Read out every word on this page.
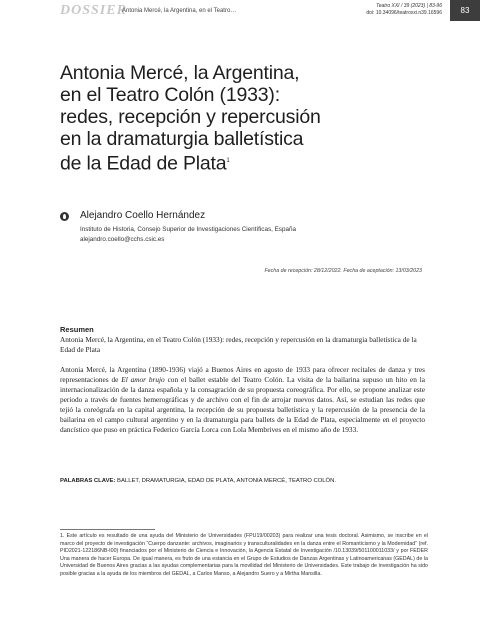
DOSSIER
Antonia Mercé, la Argentina, en el Teatro…
Teatro XXI / 39 (2023) | 83-96
doi: 10.34096/teatroxxi.n39.16596	83
Antonia Mercé, la Argentina,
en el Teatro Colón (1933):
redes, recepción y repercusión
en la dramaturgia balletística
de la Edad de Plata$^1$
Alejandro Coello Hernández
Instituto de Historia, Consejo Superior de Investigaciones Científicas, España
alejandro.coello@cchs.csic.es
Fecha de recepción: 28/12/2022. Fecha de aceptación: 13/03/2023
Resumen

Antonia Mercé, la Argentina, en el Teatro Colón (1933): redes, recepción y repercusión en la dramaturgia balletística de la Edad de Plata

Antonia Mercé, la Argentina (1890-1936) viajó a Buenos Aires en agosto de 1933 para ofrecer recitales de danza y tres representaciones de El amor brujo con el ballet estable del Teatro Colón. La visita de la bailarina supuso un hito en la internacionalización de la danza española y la consagración de su propuesta coreográfica. Por ello, se propone analizar este periodo a través de fuentes hemerográficas y de archivo con el fin de arrojar nuevos datos. Así, se estudian las redes que tejió la coreógrafa en la capital argentina, la recepción de su propuesta balletística y la repercusión de la presencia de la bailarina en el campo cultural argentino y en la dramaturgia para ballets de la Edad de Plata, especialmente en el proyecto dancístico que puso en práctica Federico García Lorca con Lola Membrives en el mismo año de 1933.

PALABRAS CLAVE: BALLET, DRAMATURGIA, EDAD DE PLATA, ANTONIA MERCÉ, TEATRO COLÓN.

1. Este artículo es resultado de una ayuda del Ministerio de Universidades (FPU19/00203) para realizar una tesis doctoral. Asimismo, se inscribe en el marco del proyecto de investigación “Cuerpo danzante: archivos, imaginarios y transculturalidades en la danza entre el Romanticismo y la Modernidad” (ref. PID2021-122186NB-I00) financiados por el Ministerio de Ciencia e Innovación, la Agencia Estatal de Investigación /10.13039/501100011033/ y por FEDER Una manera de hacer Europa. De igual manera, es fruto de una estancia en el Grupo de Estudios de Danzas Argentinas y Latinoamericanas (GEDAL) de la Universidad de Buenos Aires gracias a las ayudas complementarias para la movilidad del Ministerio de Universidades. Este trabajo de investigación ha sido posible gracias a la ayuda de los miembros del GEDAL, a Carlos Manso, a Alejandro Suero y a Mirtha Mansilla.
